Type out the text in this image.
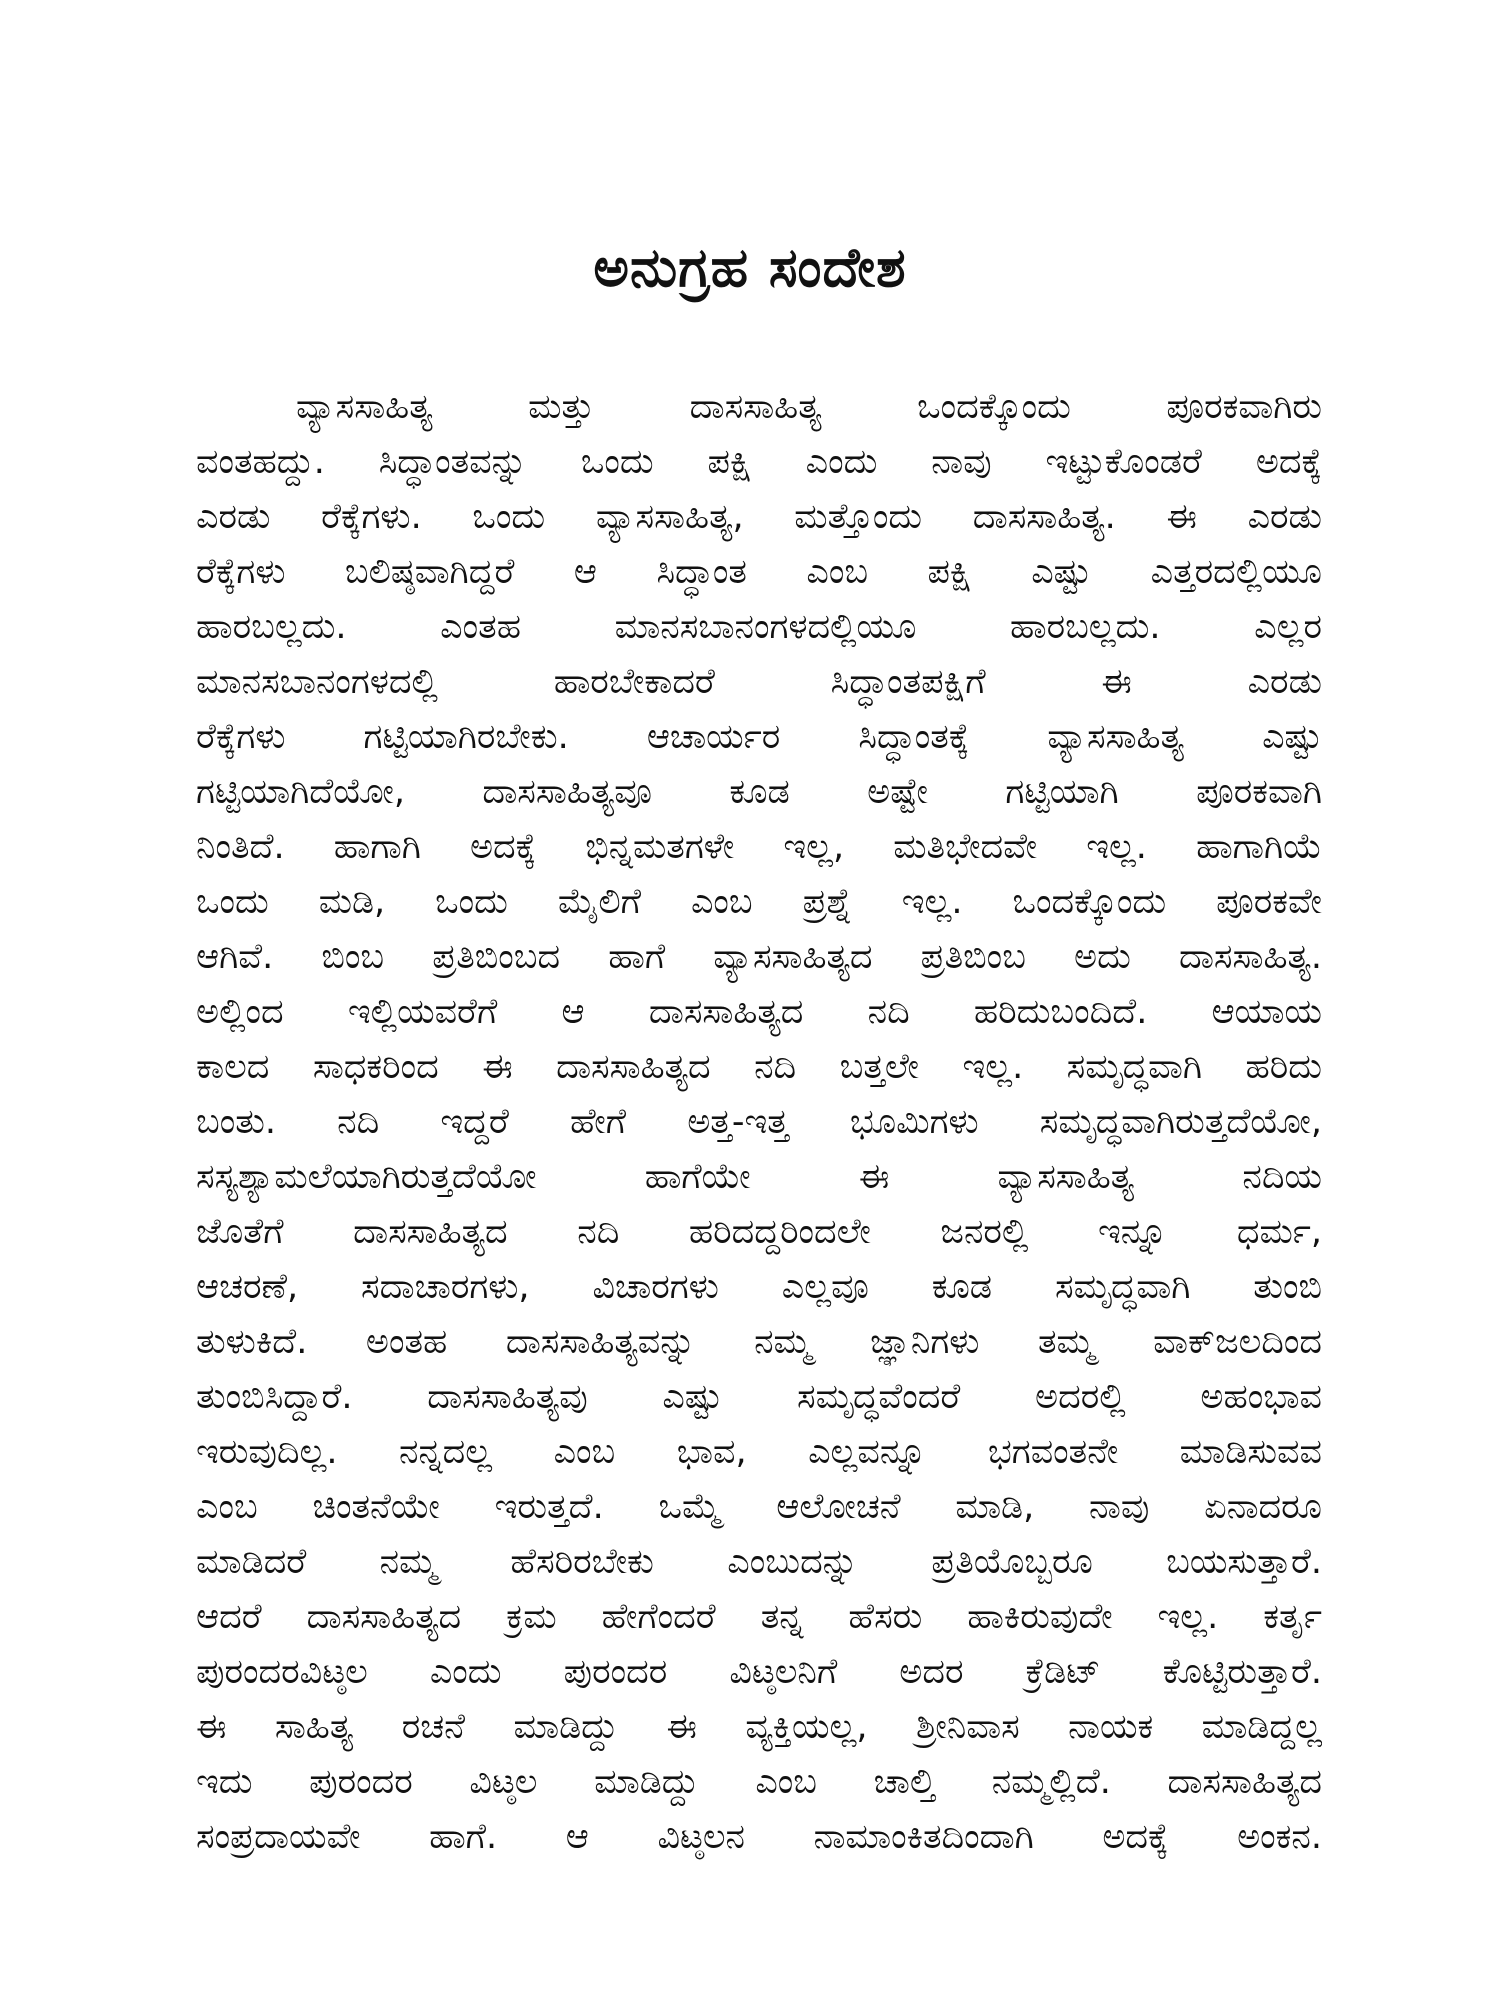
ಅನುಗ್ರಹ ಸಂದೇಶ
ವ್ಯಾಸಸಾಹಿತ್ಯ ಮತ್ತು ದಾಸಸಾಹಿತ್ಯ ಒಂದಕ್ಕೊಂದು ಪೂರಕವಾಗಿರು
ವಂತಹದ್ದು. ಸಿದ್ಧಾಂತವನ್ನು ಒಂದು ಪಕ್ಷಿ ಎಂದು ನಾವು ಇಟ್ಟುಕೊಂಡರೆ ಅದಕ್ಕೆ
ಎರಡು ರೆಕ್ಕೆಗಳು. ಒಂದು ವ್ಯಾಸಸಾಹಿತ್ಯ, ಮತ್ತೊಂದು ದಾಸಸಾಹಿತ್ಯ. ಈ ಎರಡು
ರೆಕ್ಕೆಗಳು ಬಲಿಷ್ಠವಾಗಿದ್ದರೆ ಆ ಸಿದ್ಧಾಂತ ಎಂಬ ಪಕ್ಷಿ ಎಷ್ಟು ಎತ್ತರದಲ್ಲಿಯೂ
ಹಾರಬಲ್ಲದು. ಎಂತಹ ಮಾನಸಬಾನಂಗಳದಲ್ಲಿಯೂ ಹಾರಬಲ್ಲದು. ಎಲ್ಲರ
ಮಾನಸಬಾನಂಗಳದಲ್ಲಿ ಹಾರಬೇಕಾದರೆ ಸಿದ್ಧಾಂತಪಕ್ಷಿಗೆ ಈ ಎರಡು
ರೆಕ್ಕೆಗಳು ಗಟ್ಟಿಯಾಗಿರಬೇಕು. ಆಚಾರ್ಯರ ಸಿದ್ಧಾಂತಕ್ಕೆ ವ್ಯಾಸಸಾಹಿತ್ಯ ಎಷ್ಟು
ಗಟ್ಟಿಯಾಗಿದೆಯೋ, ದಾಸಸಾಹಿತ್ಯವೂ ಕೂಡ ಅಷ್ಟೇ ಗಟ್ಟಿಯಾಗಿ ಪೂರಕವಾಗಿ
ನಿಂತಿದೆ. ಹಾಗಾಗಿ ಅದಕ್ಕೆ ಭಿನ್ನಮತಗಳೇ ಇಲ್ಲ, ಮತಿಭೇದವೇ ಇಲ್ಲ. ಹಾಗಾಗಿಯೆ
ಒಂದು ಮಡಿ, ಒಂದು ಮೈಲಿಗೆ ಎಂಬ ಪ್ರಶ್ನೆ ಇಲ್ಲ. ಒಂದಕ್ಕೊಂದು ಪೂರಕವೇ
ಆಗಿವೆ. ಬಿಂಬ ಪ್ರತಿಬಿಂಬದ ಹಾಗೆ ವ್ಯಾಸಸಾಹಿತ್ಯದ ಪ್ರತಿಬಿಂಬ ಅದು ದಾಸಸಾಹಿತ್ಯ.
ಅಲ್ಲಿಂದ ಇಲ್ಲಿಯವರೆಗೆ ಆ ದಾಸಸಾಹಿತ್ಯದ ನದಿ ಹರಿದುಬಂದಿದೆ. ಆಯಾಯ
ಕಾಲದ ಸಾಧಕರಿಂದ ಈ ದಾಸಸಾಹಿತ್ಯದ ನದಿ ಬತ್ತಲೇ ಇಲ್ಲ. ಸಮೃದ್ಧವಾಗಿ ಹರಿದು
ಬಂತು. ನದಿ ಇದ್ದರೆ ಹೇಗೆ ಅತ್ತ-ಇತ್ತ ಭೂಮಿಗಳು ಸಮೃದ್ಧವಾಗಿರುತ್ತದೆಯೋ,
ಸಸ್ಯಶ್ಯಾಮಲೆಯಾಗಿರುತ್ತದೆಯೋ ಹಾಗೆಯೇ ಈ ವ್ಯಾಸಸಾಹಿತ್ಯ ನದಿಯ
ಜೊತೆಗೆ ದಾಸಸಾಹಿತ್ಯದ ನದಿ ಹರಿದದ್ದರಿಂದಲೇ ಜನರಲ್ಲಿ ಇನ್ನೂ ಧರ್ಮ,
ಆಚರಣೆ, ಸದಾಚಾರಗಳು, ವಿಚಾರಗಳು ಎಲ್ಲವೂ ಕೂಡ ಸಮೃದ್ಧವಾಗಿ ತುಂಬಿ
ತುಳುಕಿದೆ. ಅಂತಹ ದಾಸಸಾಹಿತ್ಯವನ್ನು ನಮ್ಮ ಜ್ಞಾನಿಗಳು ತಮ್ಮ ವಾಕ್‌ಜಲದಿಂದ
ತುಂಬಿಸಿದ್ದಾರೆ. ದಾಸಸಾಹಿತ್ಯವು ಎಷ್ಟು ಸಮೃದ್ಧವೆಂದರೆ ಅದರಲ್ಲಿ ಅಹಂಭಾವ
ಇರುವುದಿಲ್ಲ. ನನ್ನದಲ್ಲ ಎಂಬ ಭಾವ, ಎಲ್ಲವನ್ನೂ ಭಗವಂತನೇ ಮಾಡಿಸುವವ
ಎಂಬ ಚಿಂತನೆಯೇ ಇರುತ್ತದೆ. ಒಮ್ಮೆ ಆಲೋಚನೆ ಮಾಡಿ, ನಾವು ಏನಾದರೂ
ಮಾಡಿದರೆ ನಮ್ಮ ಹೆಸರಿರಬೇಕು ಎಂಬುದನ್ನು ಪ್ರತಿಯೊಬ್ಬರೂ ಬಯಸುತ್ತಾರೆ.
ಆದರೆ ದಾಸಸಾಹಿತ್ಯದ ಕ್ರಮ ಹೇಗೆಂದರೆ ತನ್ನ ಹೆಸರು ಹಾಕಿರುವುದೇ ಇಲ್ಲ. ಕರ್ತೃ
ಪುರಂದರವಿಟ್ಠಲ ಎಂದು ಪುರಂದರ ವಿಟ್ಠಲನಿಗೆ ಅದರ ಕ್ರೆಡಿಟ್ ಕೊಟ್ಟಿರುತ್ತಾರೆ.
ಈ ಸಾಹಿತ್ಯ ರಚನೆ ಮಾಡಿದ್ದು ಈ ವ್ಯಕ್ತಿಯಲ್ಲ, ಶ್ರೀನಿವಾಸ ನಾಯಕ ಮಾಡಿದ್ದಲ್ಲ
ಇದು ಪುರಂದರ ವಿಟ್ಠಲ ಮಾಡಿದ್ದು ಎಂಬ ಚಾಲ್ತಿ ನಮ್ಮಲ್ಲಿದೆ. ದಾಸಸಾಹಿತ್ಯದ
ಸಂಪ್ರದಾಯವೇ ಹಾಗೆ. ಆ ವಿಟ್ಠಲನ ನಾಮಾಂಕಿತದಿಂದಾಗಿ ಅದಕ್ಕೆ ಅಂಕನ.
